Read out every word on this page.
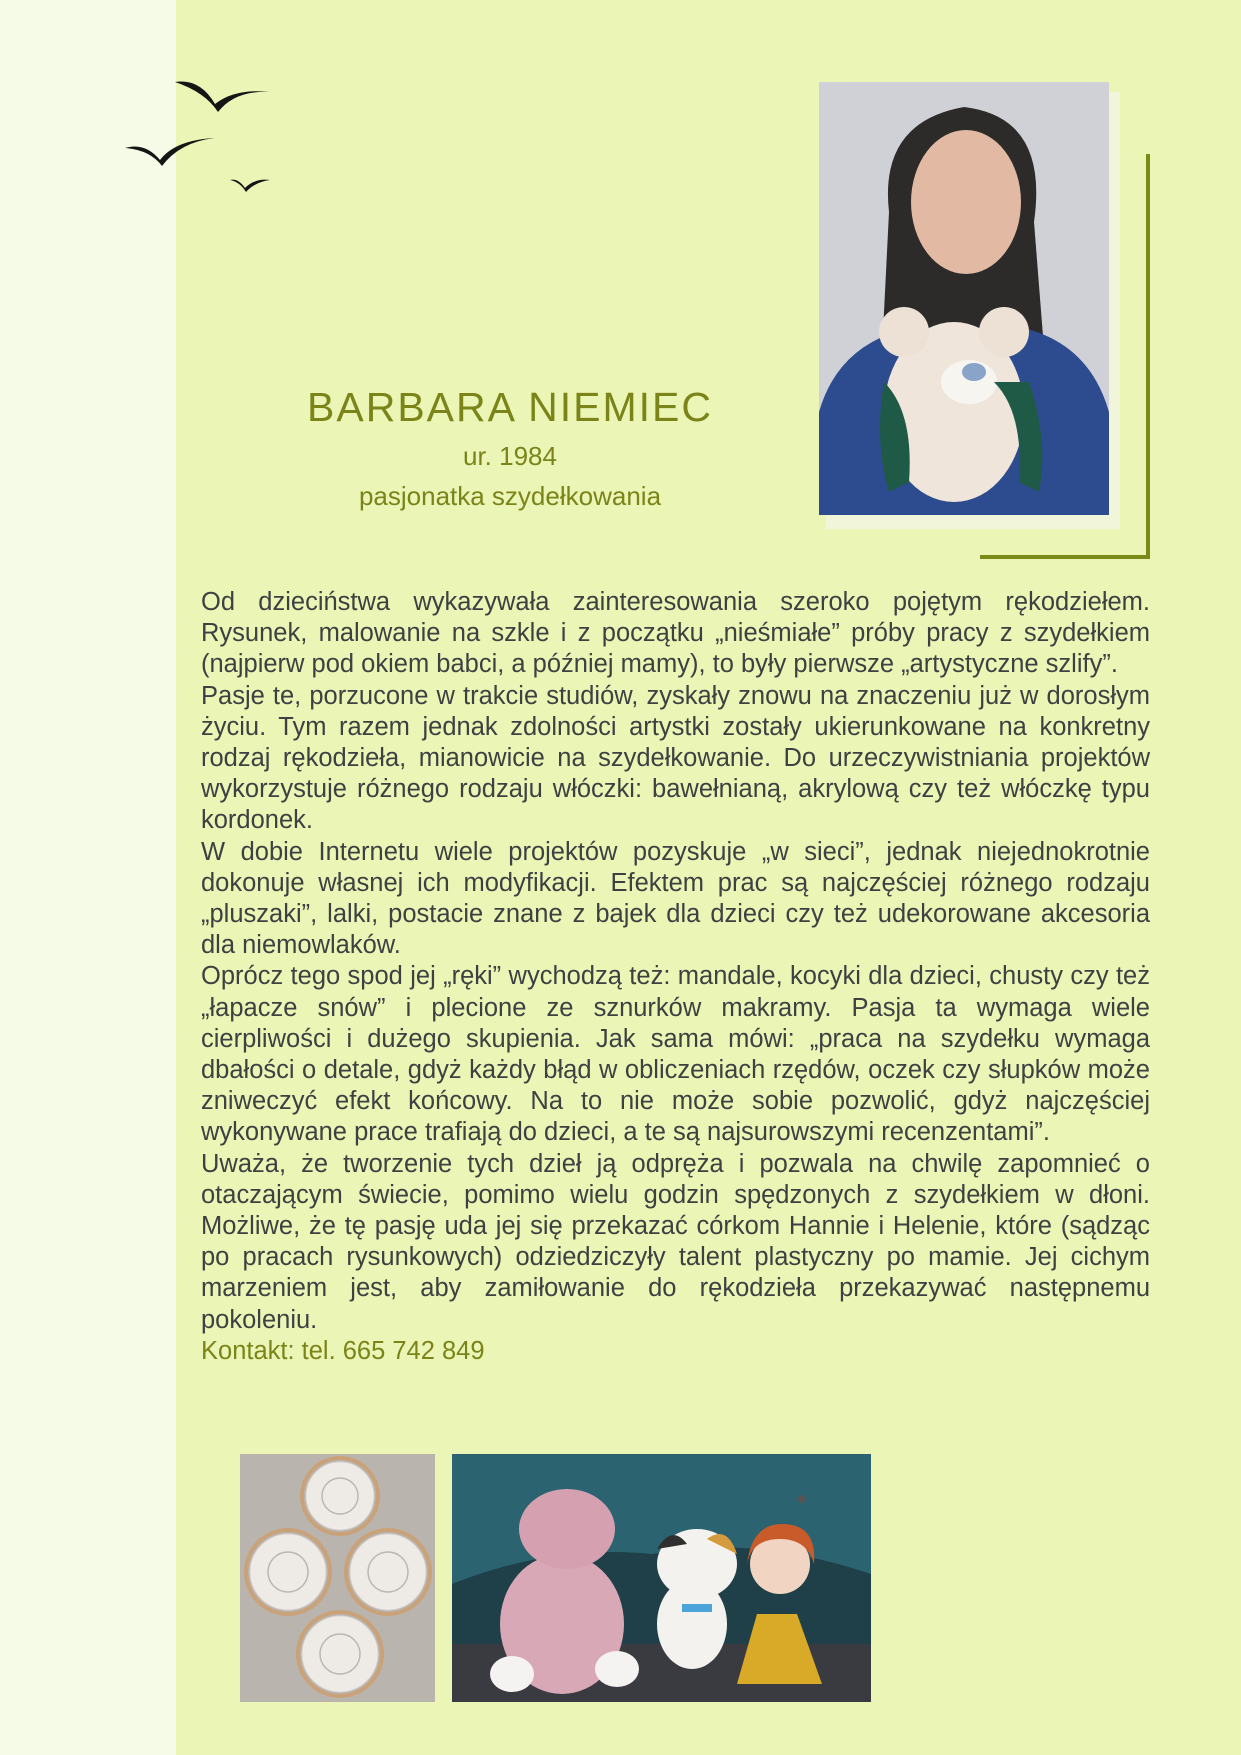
BARBARA NIEMIEC

ur. 1984

pasjonatka szydełkowania

Od dzieciństwa wykazywała zainteresowania szeroko pojętym rękodziełem. Rysunek, malowanie na szkle i z początku „nieśmiałe” próby pracy z szydełkiem (najpierw pod okiem babci, a później mamy), to były pierwsze „artystyczne szlify”.

Pasje te, porzucone w trakcie studiów, zyskały znowu na znaczeniu już w dorosłym życiu. Tym razem jednak zdolności artystki zostały ukierunkowane na konkretny rodzaj rękodzieła, mianowicie na szydełkowanie. Do urzeczywistniania projektów wykorzystuje różnego rodzaju włóczki: bawełnianą, akrylową czy też włóczkę typu kordonek.

W dobie Internetu wiele projektów pozyskuje „w sieci”, jednak niejednokrotnie dokonuje własnej ich modyfikacji. Efektem prac są najczęściej różnego rodzaju „pluszaki”, lalki, postacie znane z bajek dla dzieci czy też udekorowane akcesoria dla niemowlaków.

Oprócz tego spod jej „ręki” wychodzą też: mandale, kocyki dla dzieci, chusty czy też „łapacze snów” i plecione ze sznurków makramy. Pasja ta wymaga wiele cierpliwości i dużego skupienia. Jak sama mówi: „praca na szydełku wymaga dbałości o detale, gdyż każdy błąd w obliczeniach rzędów, oczek czy słupków może zniweczyć efekt końcowy. Na to nie może sobie pozwolić, gdyż najczęściej wykonywane prace trafiają do dzieci, a te są najsurowszymi recenzentami”.

Uważa, że tworzenie tych dzieł ją odpręża i pozwala na chwilę zapomnieć o otaczającym świecie, pomimo wielu godzin spędzonych z szydełkiem w dłoni. Możliwe, że tę pasję uda jej się przekazać córkom Hannie i Helenie, które (sądząc po pracach rysunkowych) odziedziczyły talent plastyczny po mamie. Jej cichym marzeniem jest, aby zamiłowanie do rękodzieła przekazywać następnemu pokoleniu.

Kontakt: tel. 665 742 849
